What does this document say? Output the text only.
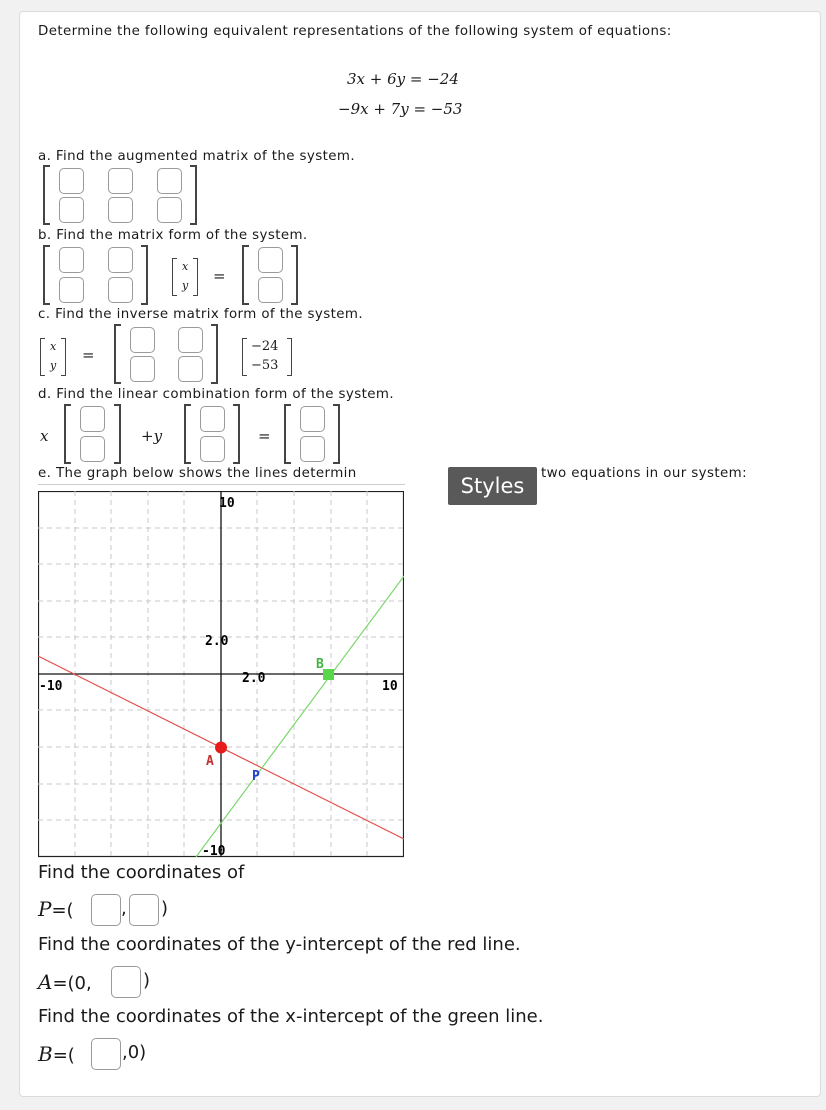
Determine the following equivalent representations of the following system of equations:
3x + 6y = −24
−9x + 7y = −53
a. Find the augmented matrix of the system.
b. Find the matrix form of the system.
x
y
=
c. Find the inverse matrix form of the system.
x
y
=	−24
−53
d. Find the linear combination form of the system.
x	+y	=
e. The graph below shows the lines determin	two equations in our system:
Styles
10
2.0
2.0
-10	10
-10
A
B
P
Find the coordinates of
P=(	, )
Find the coordinates of the y-intercept of the red line.
A=(0,	)
Find the coordinates of the x-intercept of the green line.
B=(	,0)
